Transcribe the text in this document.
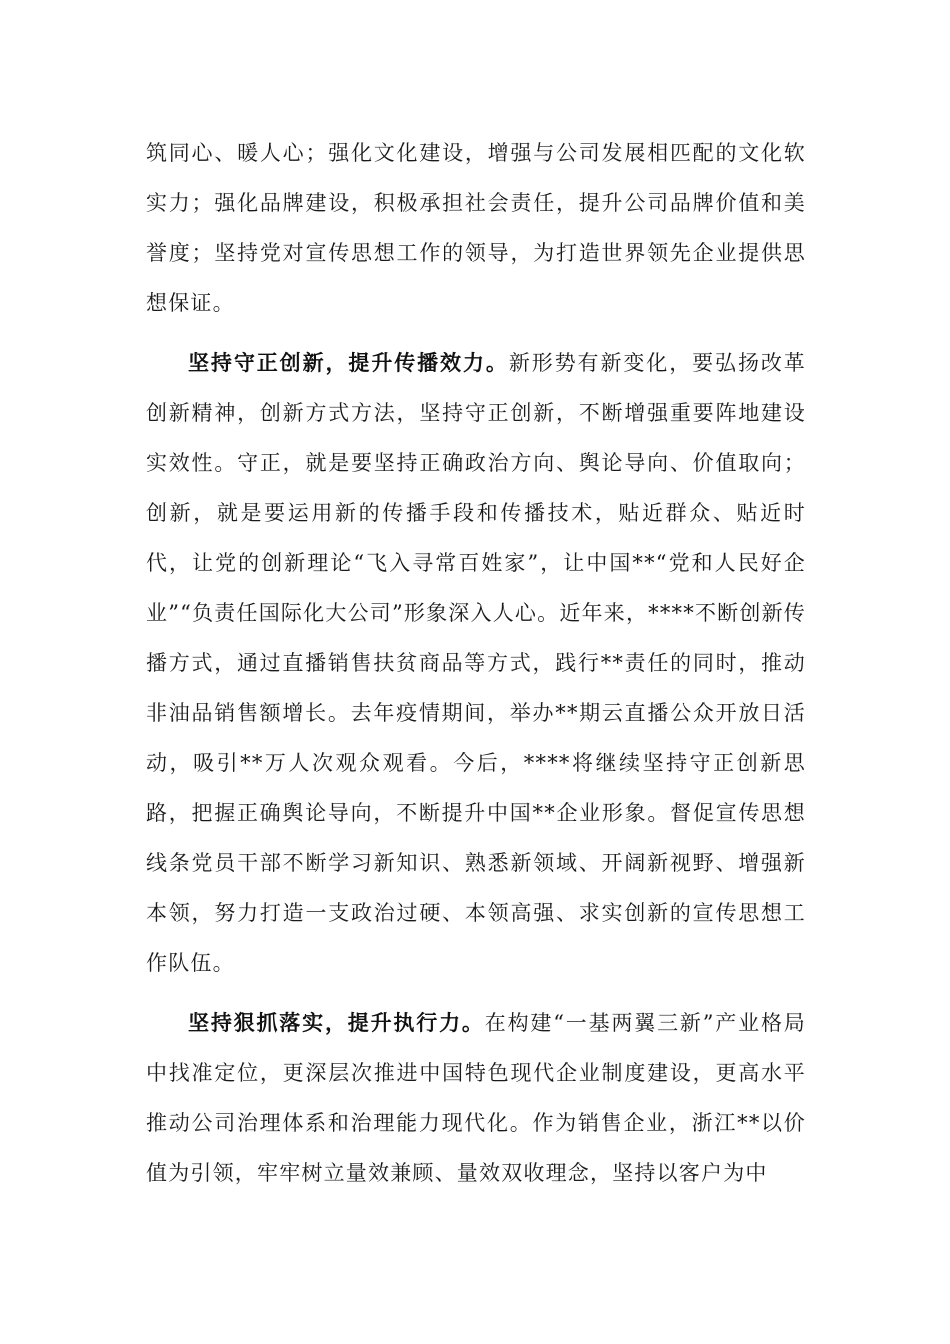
筑同心、暖人心；强化文化建设，增强与公司发展相匹配的文化软实力；强化品牌建设，积极承担社会责任，提升公司品牌价值和美誉度；坚持党对宣传思想工作的领导，为打造世界领先企业提供思想保证。

坚持守正创新，提升传播效力。新形势有新变化，要弘扬改革创新精神，创新方式方法，坚持守正创新，不断增强重要阵地建设实效性。守正，就是要坚持正确政治方向、舆论导向、价值取向；创新，就是要运用新的传播手段和传播技术，贴近群众、贴近时代，让党的创新理论“飞入寻常百姓家”，让中国**“党和人民好企业”“负责任国际化大公司”形象深入人心。近年来，****不断创新传播方式，通过直播销售扶贫商品等方式，践行**责任的同时，推动非油品销售额增长。去年疫情期间，举办**期云直播公众开放日活动，吸引**万人次观众观看。今后，****将继续坚持守正创新思路，把握正确舆论导向，不断提升中国**企业形象。督促宣传思想线条党员干部不断学习新知识、熟悉新领域、开阔新视野、增强新本领，努力打造一支政治过硬、本领高强、求实创新的宣传思想工作队伍。

坚持狠抓落实，提升执行力。在构建“一基两翼三新”产业格局中找准定位，更深层次推进中国特色现代企业制度建设，更高水平推动公司治理体系和治理能力现代化。作为销售企业，浙江**以价值为引领，牢牢树立量效兼顾、量效双收理念，坚持以客户为中
